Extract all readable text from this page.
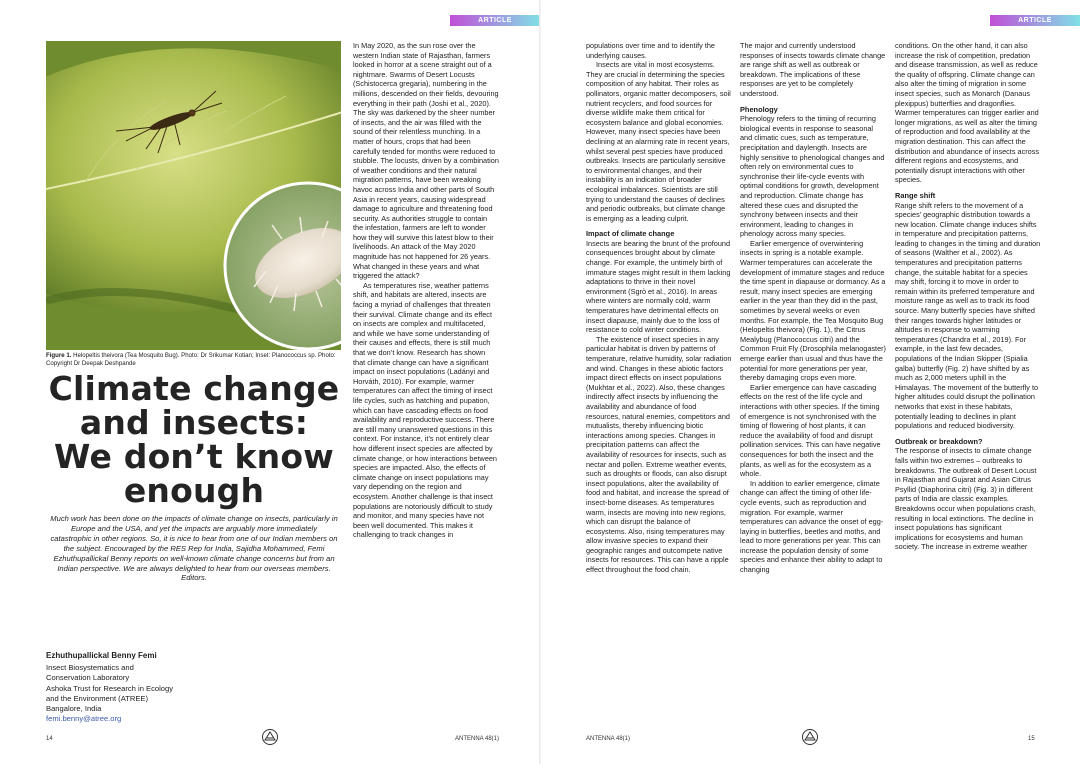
ARTICLE
Figure 1. Helopeltis theivora (Tea Mosquito Bug). Photo: Dr Srikumar Kotian; Inset: Planococcus sp. Photo: Copyright Dr Deepak Deshpande
Climate change and insects: We don’t know enough
Much work has been done on the impacts of climate change on insects, particularly in Europe and the USA, and yet the impacts are arguably more immediately catastrophic in other regions. So, it is nice to hear from one of our Indian members on the subject. Encouraged by the RES Rep for India, Sajidha Mohammed, Femi Ezhuthupallickal Benny reports on well-known climate change concerns but from an Indian perspective. We are always delighted to hear from our overseas members. Editors.
Ezhuthupallickal Benny Femi
Insect Biosystematics and
Conservation Laboratory
Ashoka Trust for Research in Ecology
and the Environment (ATREE)
Bangalore, India
femi.benny@atree.org

In May 2020, as the sun rose over the western Indian state of Rajasthan, farmers looked in horror at a scene straight out of a nightmare. Swarms of Desert Locusts (Schistocerca gregaria), numbering in the millions, descended on their fields, devouring everything in their path (Joshi et al., 2020). The sky was darkened by the sheer number of insects, and the air was filled with the sound of their relentless munching. In a matter of hours, crops that had been carefully tended for months were reduced to stubble. The locusts, driven by a combination of weather conditions and their natural migration patterns, have been wreaking havoc across India and other parts of South Asia in recent years, causing widespread damage to agriculture and threatening food security. As authorities struggle to contain the infestation, farmers are left to wonder how they will survive this latest blow to their livelihoods. An attack of the May 2020 magnitude has not happened for 26 years. What changed in these years and what triggered the attack?

As temperatures rise, weather patterns shift, and habitats are altered, insects are facing a myriad of challenges that threaten their survival. Climate change and its effect on insects are complex and multifaceted, and while we have some understanding of their causes and effects, there is still much that we don’t know. Research has shown that climate change can have a significant impact on insect populations (Ladányi and Horváth, 2010). For example, warmer temperatures can affect the timing of insect life cycles, such as hatching and pupation, which can have cascading effects on food availability and reproductive success. There are still many unanswered questions in this context. For instance, it’s not entirely clear how different insect species are affected by climate change, or how interactions between species are impacted. Also, the effects of climate change on insect populations may vary depending on the region and ecosystem. Another challenge is that insect populations are notoriously difficult to study and monitor, and many species have not been well documented. This makes it challenging to track changes in

14	ANTENNA 48(1)
ARTICLE

populations over time and to identify the underlying causes.

Insects are vital in most ecosystems. They are crucial in determining the species composition of any habitat. Their roles as pollinators, organic matter decomposers, soil nutrient recyclers, and food sources for diverse wildlife make them critical for ecosystem balance and global economies. However, many insect species have been declining at an alarming rate in recent years, whilst several pest species have produced outbreaks. Insects are particularly sensitive to environmental changes, and their instability is an indication of broader ecological imbalances. Scientists are still trying to understand the causes of declines and periodic outbreaks, but climate change is emerging as a leading culprit.

Impact of climate change

Insects are bearing the brunt of the profound consequences brought about by climate change. For example, the untimely birth of immature stages might result in them lacking adaptations to thrive in their novel environment (Sgrò et al., 2016). In areas where winters are normally cold, warm temperatures have detrimental effects on insect diapause, mainly due to the loss of resistance to cold winter conditions.

The existence of insect species in any particular habitat is driven by patterns of temperature, relative humidity, solar radiation and wind. Changes in these abiotic factors impact direct effects on insect populations (Mukhtar et al., 2022). Also, these changes indirectly affect insects by influencing the availability and abundance of food resources, natural enemies, competitors and mutualists, thereby influencing biotic interactions among species. Changes in precipitation patterns can affect the availability of resources for insects, such as nectar and pollen. Extreme weather events, such as droughts or floods, can also disrupt insect populations, alter the availability of food and habitat, and increase the spread of insect-borne diseases. As temperatures warm, insects are moving into new regions, which can disrupt the balance of ecosystems. Also, rising temperatures may allow invasive species to expand their geographic ranges and outcompete native insects for resources. This can have a ripple effect throughout the food chain.

The major and currently understood responses of insects towards climate change are range shift as well as outbreak or breakdown. The implications of these responses are yet to be completely understood.

Phenology

Phenology refers to the timing of recurring biological events in response to seasonal and climatic cues, such as temperature, precipitation and daylength. Insects are highly sensitive to phenological changes and often rely on environmental cues to synchronise their life-cycle events with optimal conditions for growth, development and reproduction. Climate change has altered these cues and disrupted the synchrony between insects and their environment, leading to changes in phenology across many species.

Earlier emergence of overwintering insects in spring is a notable example. Warmer temperatures can accelerate the development of immature stages and reduce the time spent in diapause or dormancy. As a result, many insect species are emerging earlier in the year than they did in the past, sometimes by several weeks or even months. For example, the Tea Mosquito Bug (Helopeltis theivora) (Fig. 1), the Citrus Mealybug (Planococcus citri) and the Common Fruit Fly (Drosophila melanogaster) emerge earlier than usual and thus have the potential for more generations per year, thereby damaging crops even more.

Earlier emergence can have cascading effects on the rest of the life cycle and interactions with other species. If the timing of emergence is not synchronised with the timing of flowering of host plants, it can reduce the availability of food and disrupt pollination services. This can have negative consequences for both the insect and the plants, as well as for the ecosystem as a whole.

In addition to earlier emergence, climate change can affect the timing of other life-cycle events, such as reproduction and migration. For example, warmer temperatures can advance the onset of egg-laying in butterflies, beetles and moths, and lead to more generations per year. This can increase the population density of some species and enhance their ability to adapt to changing

conditions. On the other hand, it can also increase the risk of competition, predation and disease transmission, as well as reduce the quality of offspring. Climate change can also alter the timing of migration in some insect species, such as Monarch (Danaus plexippus) butterflies and dragonflies. Warmer temperatures can trigger earlier and longer migrations, as well as alter the timing of reproduction and food availability at the migration destination. This can affect the distribution and abundance of insects across different regions and ecosystems, and potentially disrupt interactions with other species.

Range shift

Range shift refers to the movement of a species’ geographic distribution towards a new location. Climate change induces shifts in temperature and precipitation patterns, leading to changes in the timing and duration of seasons (Walther et al., 2002). As temperatures and precipitation patterns change, the suitable habitat for a species may shift, forcing it to move in order to remain within its preferred temperature and moisture range as well as to track its food source. Many butterfly species have shifted their ranges towards higher latitudes or altitudes in response to warming temperatures (Chandra et al., 2019). For example, in the last few decades, populations of the Indian Skipper (Spialia galba) butterfly (Fig. 2) have shifted by as much as 2,000 meters uphill in the Himalayas. The movement of the butterfly to higher altitudes could disrupt the pollination networks that exist in these habitats, potentially leading to declines in plant populations and reduced biodiversity.

Outbreak or breakdown?

The response of insects to climate change falls within two extremes – outbreaks to breakdowns. The outbreak of Desert Locust in Rajasthan and Gujarat and Asian Citrus Psyllid (Diaphorina citri) (Fig. 3) in different parts of India are classic examples. Breakdowns occur when populations crash, resulting in local extinctions. The decline in insect populations has significant implications for ecosystems and human society. The increase in extreme weather

ANTENNA 48(1)	15
